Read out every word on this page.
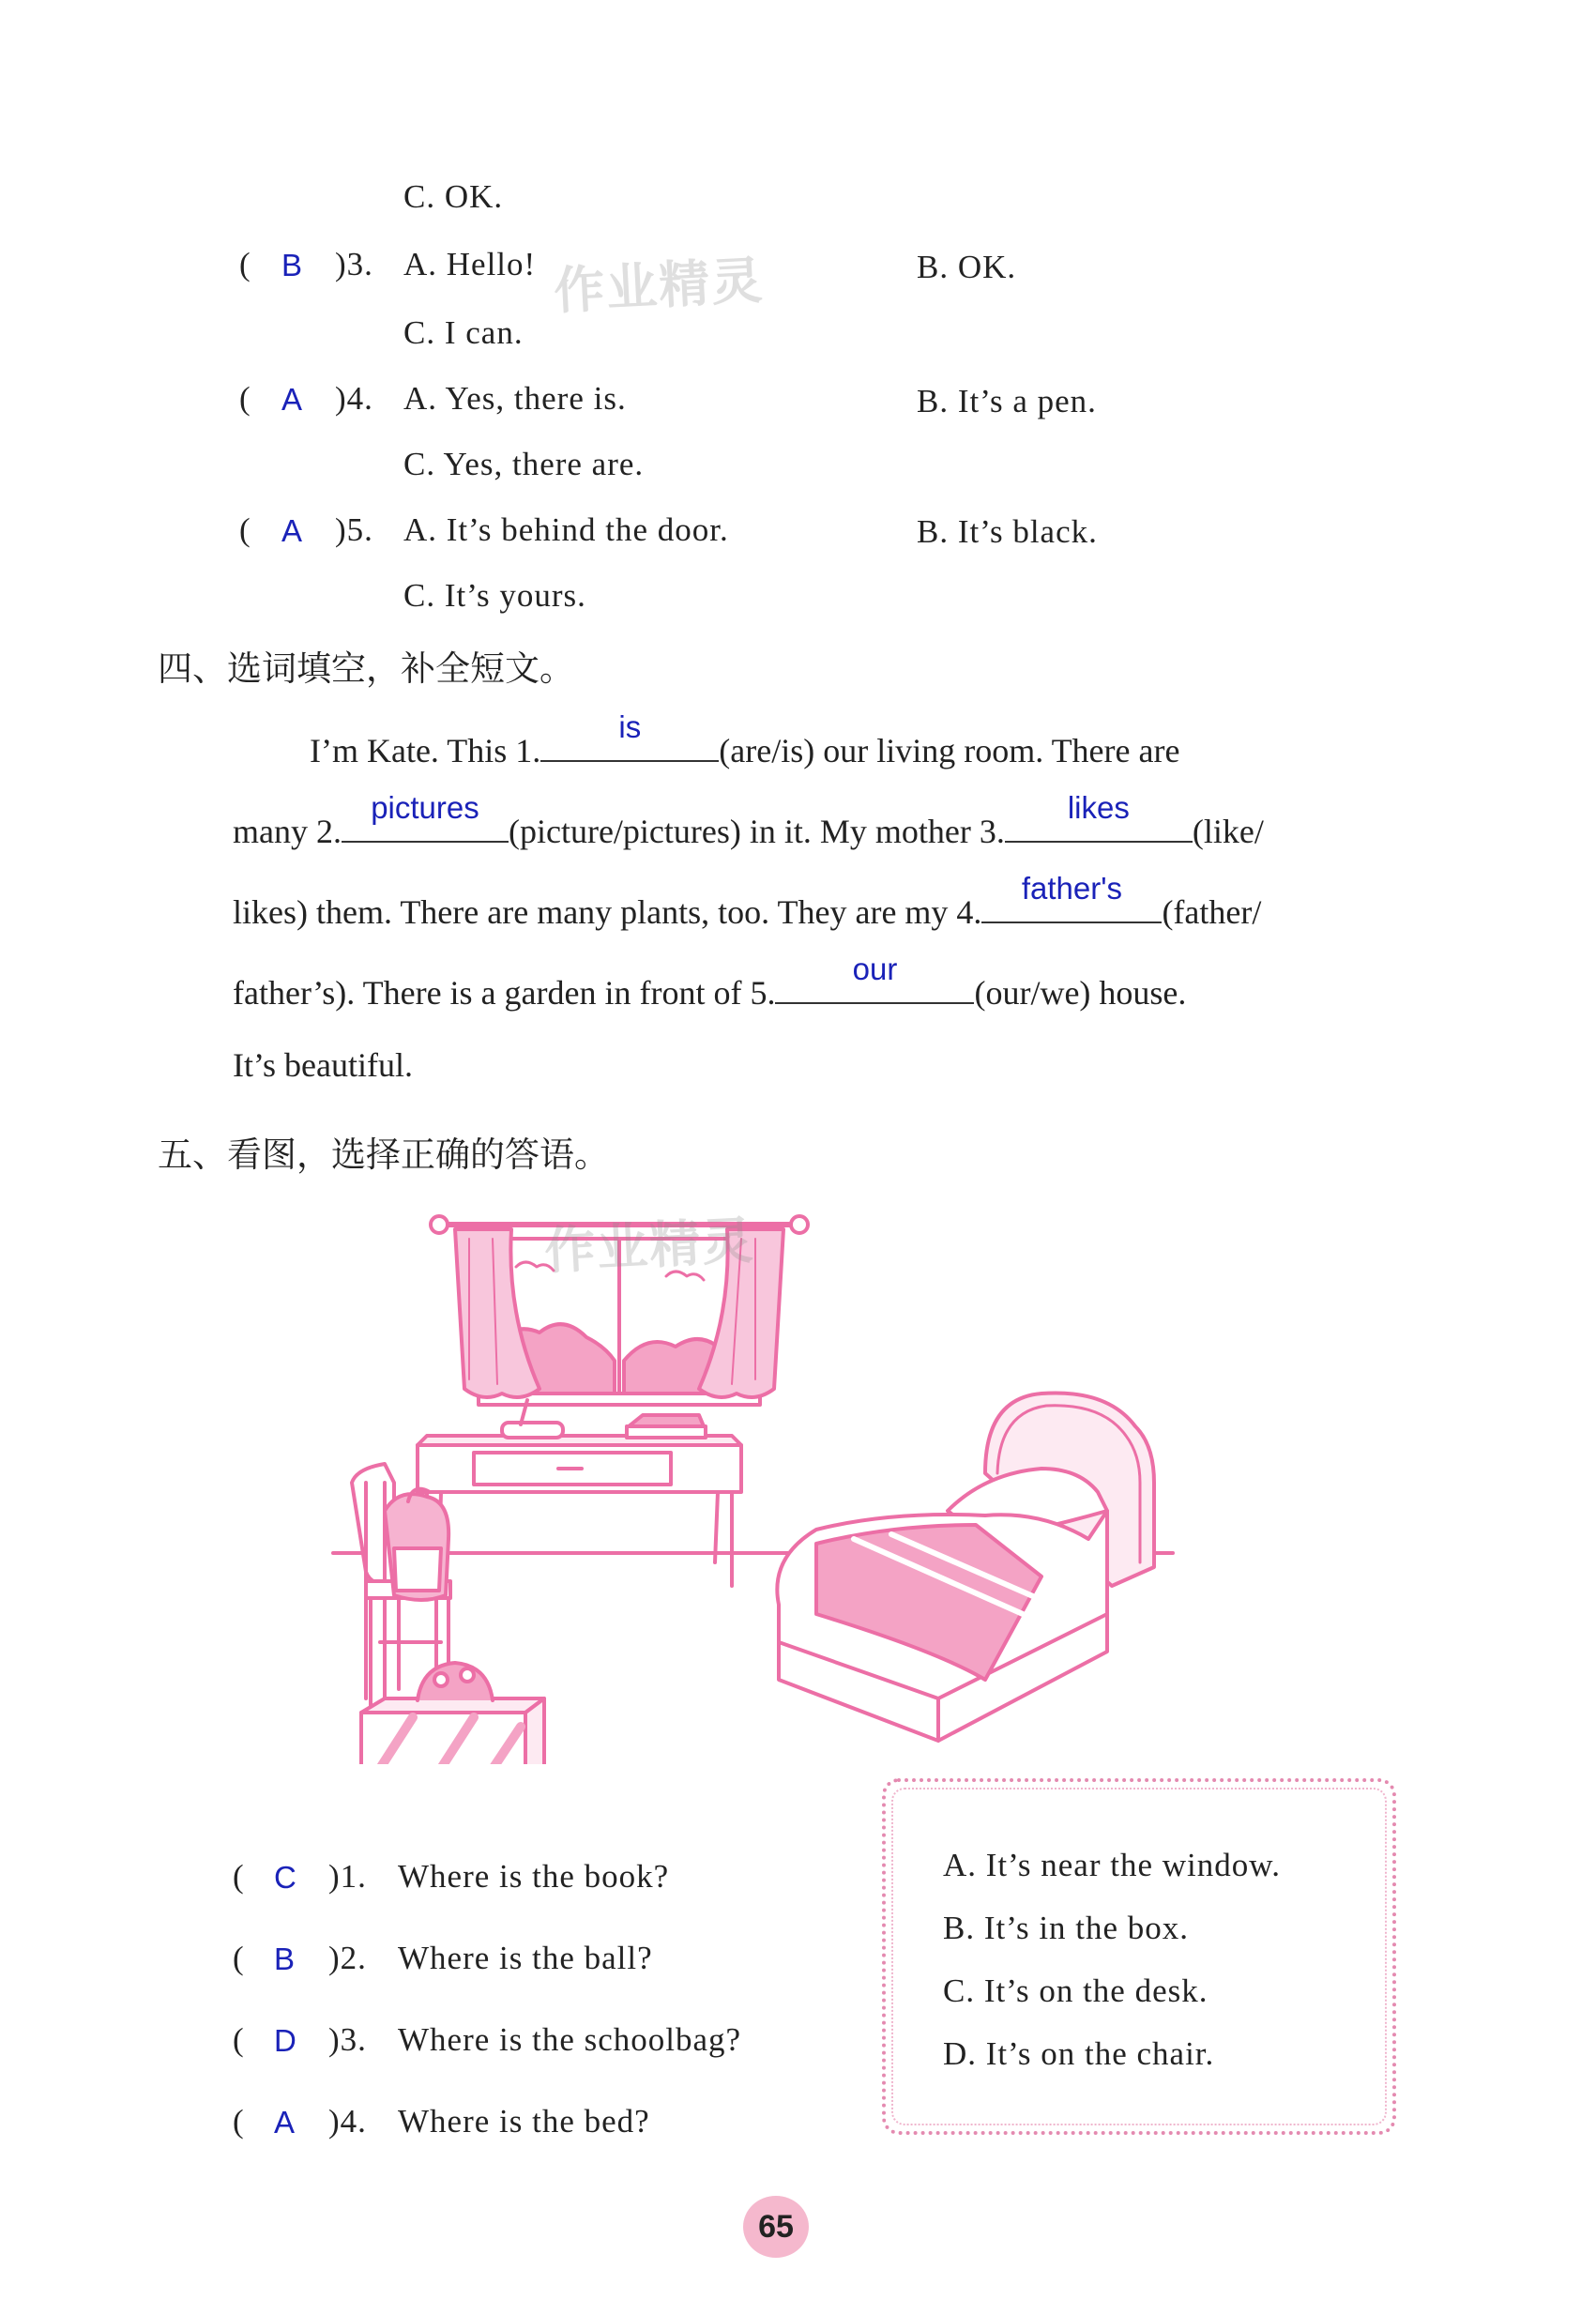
C. OK.
( B )3. A. Hello!	B. OK.
C. I can.
( A )4. A. Yes, there is.	B. It’s a pen.
C. Yes, there are.
( A )5. A. It’s behind the door.	B. It’s black.
C. It’s yours.
作业精灵
四、选词填空，补全短文。
I’m Kate. This 1.
is
(are/is) our living room. There are
many 2.
pictures
(picture/pictures) in it. My mother 3.
likes
(like/
likes) them. There are many plants, too. They are my 4.
father's
(father/
father’s). There is a garden in front of 5.
our
(our/we) house.
It’s beautiful.
五、看图，选择正确的答语。
作业精灵
( C )1. Where is the book?
( B )2. Where is the ball?
( D )3. Where is the schoolbag?
( A )4. Where is the bed?
A. It’s near the window.
B. It’s in the box.
C. It’s on the desk.
D. It’s on the chair.
65
